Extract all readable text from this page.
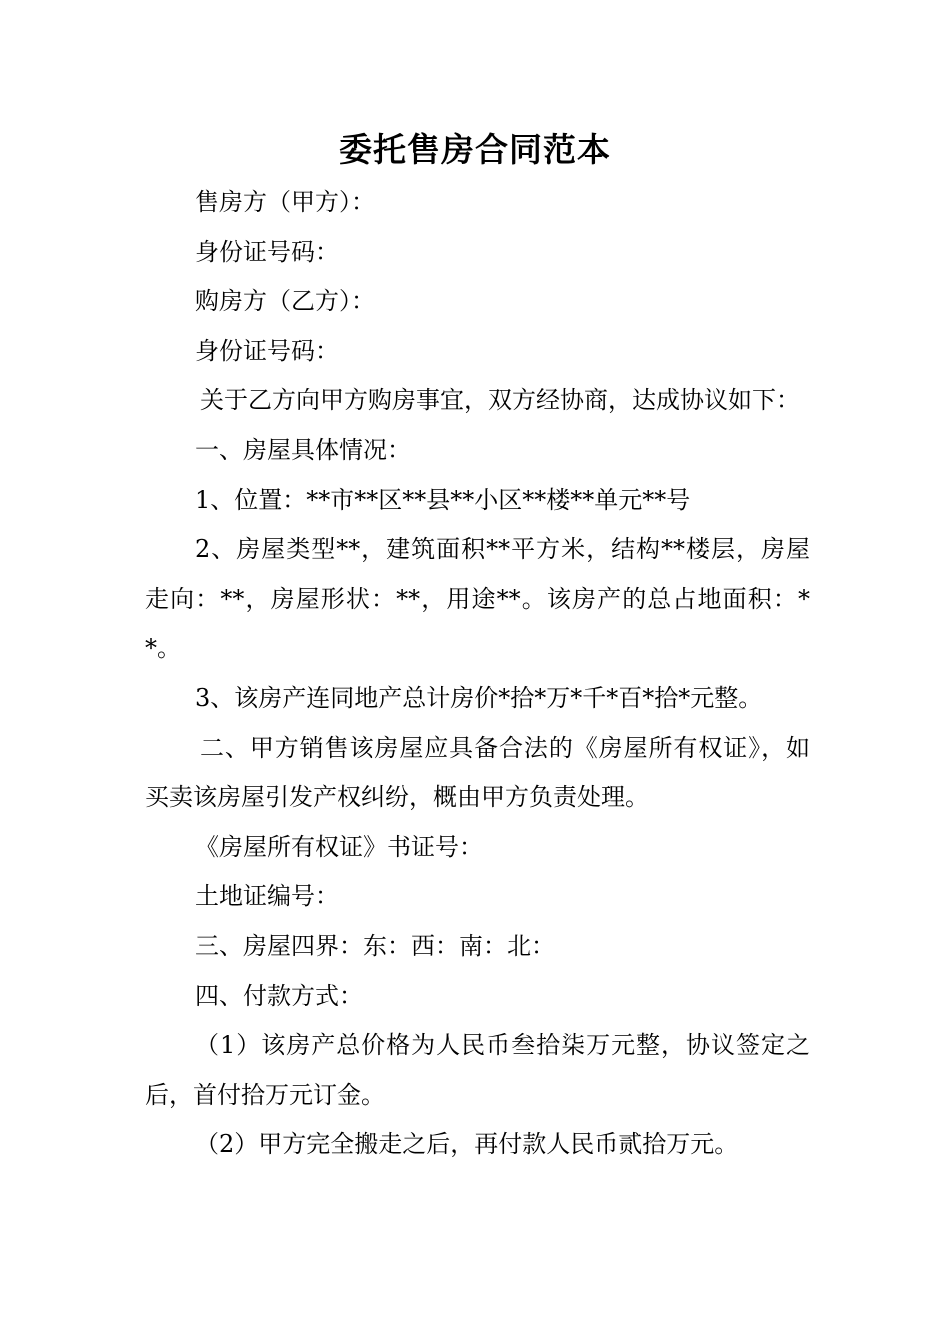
委托售房合同范本

售房方（甲方）：

身份证号码：

购房方（乙方）：

身份证号码：

关于乙方向甲方购房事宜，双方经协商，达成协议如下：

一、房屋具体情况：

1、位置：**市**区**县**小区**楼**单元**号

2、房屋类型**，建筑面积**平方米，结构**楼层，房屋走向：**，房屋形状：**，用途**。该房产的总占地面积：**。

3、该房产连同地产总计房价*拾*万*千*百*拾*元整。

二、甲方销售该房屋应具备合法的《房屋所有权证》，如买卖该房屋引发产权纠纷，概由甲方负责处理。

《房屋所有权证》书证号：

土地证编号：

三、房屋四界：东：西：南：北：

四、付款方式：

（1）该房产总价格为人民币叁拾柒万元整，协议签定之后，首付拾万元订金。

（2）甲方完全搬走之后，再付款人民币贰拾万元。
